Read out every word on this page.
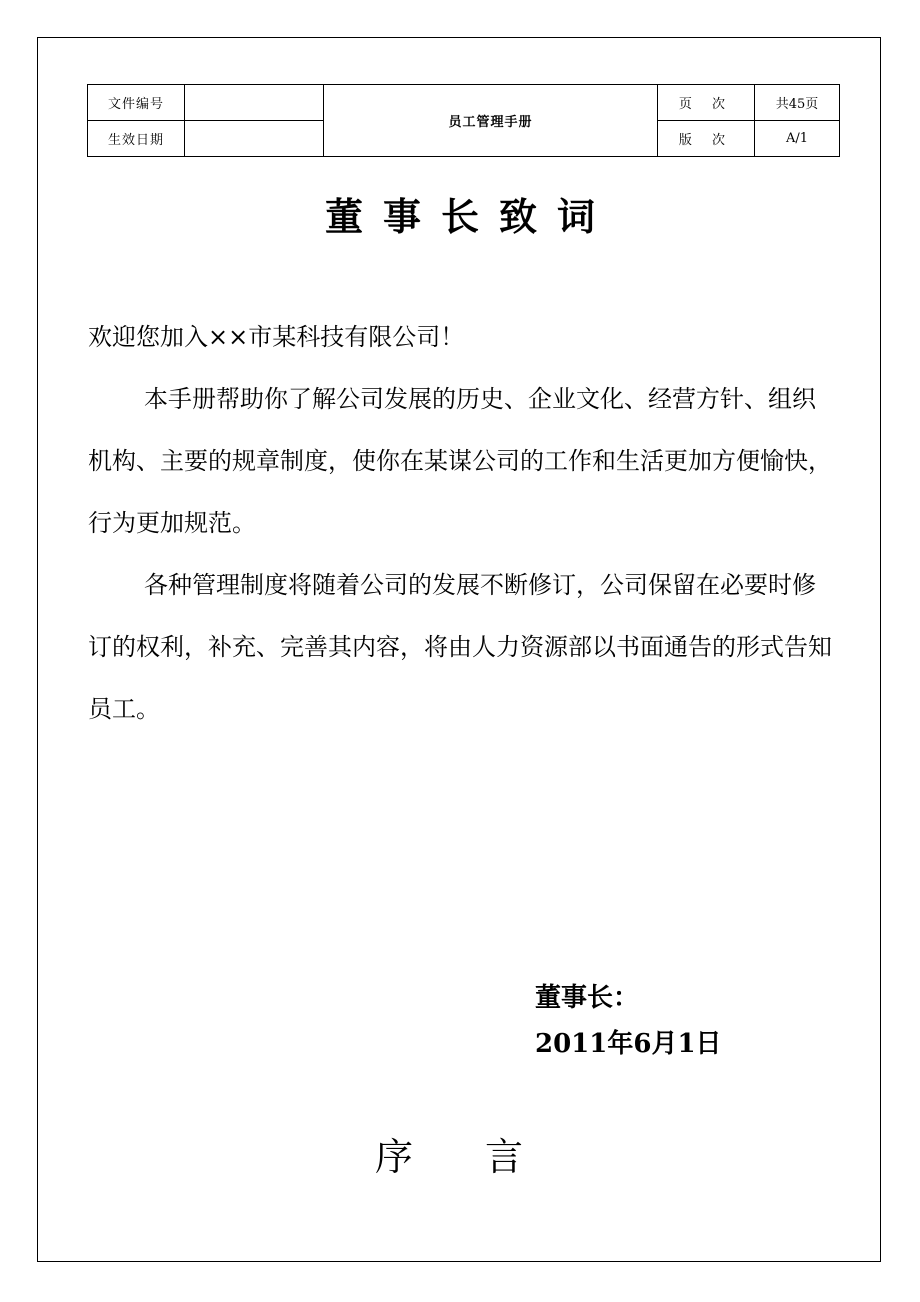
文件编号		员工管理手册	页 次	共45页
生效日期			版 次	A/1
董事长致词
欢迎您加入××市某科技有限公司！
本手册帮助你了解公司发展的历史、企业文化、经营方针、组织机构、主要的规章制度，使你在某谋公司的工作和生活更加方便愉快，行为更加规范。
各种管理制度将随着公司的发展不断修订，公司保留在必要时修订的权利，补充、完善其内容，将由人力资源部以书面通告的形式告知员工。
董事长：
2011年6月1日
序 言
